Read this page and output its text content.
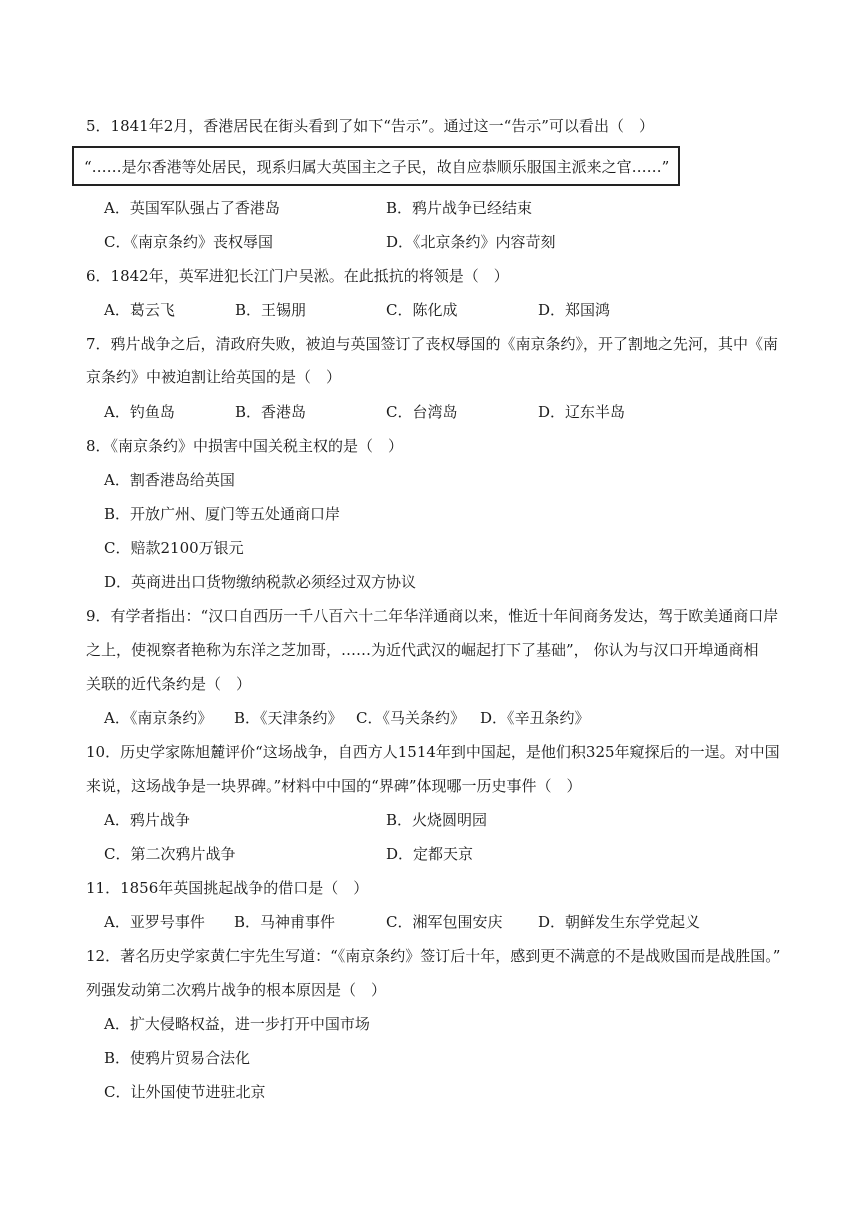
5．1841年2月，香港居民在街头看到了如下“告示”。通过这一“告示”可以看出（　）
“……是尔香港等处居民，现系归属大英国主之子民，故自应恭顺乐服国主派来之官……”
A．英国军队强占了香港岛	B．鸦片战争已经结束
C．《南京条约》丧权辱国	D．《北京条约》内容苛刻
6．1842年，英军进犯长江门户吴淞。在此抵抗的将领是（　）
A．葛云飞	B．王锡朋	C．陈化成	D．郑国鸿
7．鸦片战争之后，清政府失败，被迫与英国签订了丧权辱国的《南京条约》，开了割地之先河，其中《南
京条约》中被迫割让给英国的是（　）
A．钓鱼岛	B．香港岛	C．台湾岛	D．辽东半岛
8．《南京条约》中损害中国关税主权的是（　）
A．割香港岛给英国
B．开放广州、厦门等五处通商口岸
C．赔款2100万银元
D．英商进出口货物缴纳税款必须经过双方协议
9．有学者指出：“汉口自西历一千八百六十二年华洋通商以来，惟近十年间商务发达，驾于欧美通商口岸
之上，使视察者艳称为东洋之芝加哥，……为近代武汉的崛起打下了基础”， 你认为与汉口开埠通商相
关联的近代条约是（　）
A．《南京条约》 B．《天津条约》 C．《马关条约》 D．《辛丑条约》
10．历史学家陈旭麓评价“这场战争，自西方人1514年到中国起，是他们积325年窥探后的一逞。对中国
来说，这场战争是一块界碑。”材料中中国的“界碑”体现哪一历史事件（　）
A．鸦片战争	B．火烧圆明园
C．第二次鸦片战争	D．定都天京
11．1856年英国挑起战争的借口是（　）
A．亚罗号事件 B．马神甫事件	C．湘军包围安庆 D．朝鲜发生东学党起义
12．著名历史学家黄仁宇先生写道：“《南京条约》签订后十年，感到更不满意的不是战败国而是战胜国。”
列强发动第二次鸦片战争的根本原因是（　）
A．扩大侵略权益，进一步打开中国市场
B．使鸦片贸易合法化
C．让外国使节进驻北京
